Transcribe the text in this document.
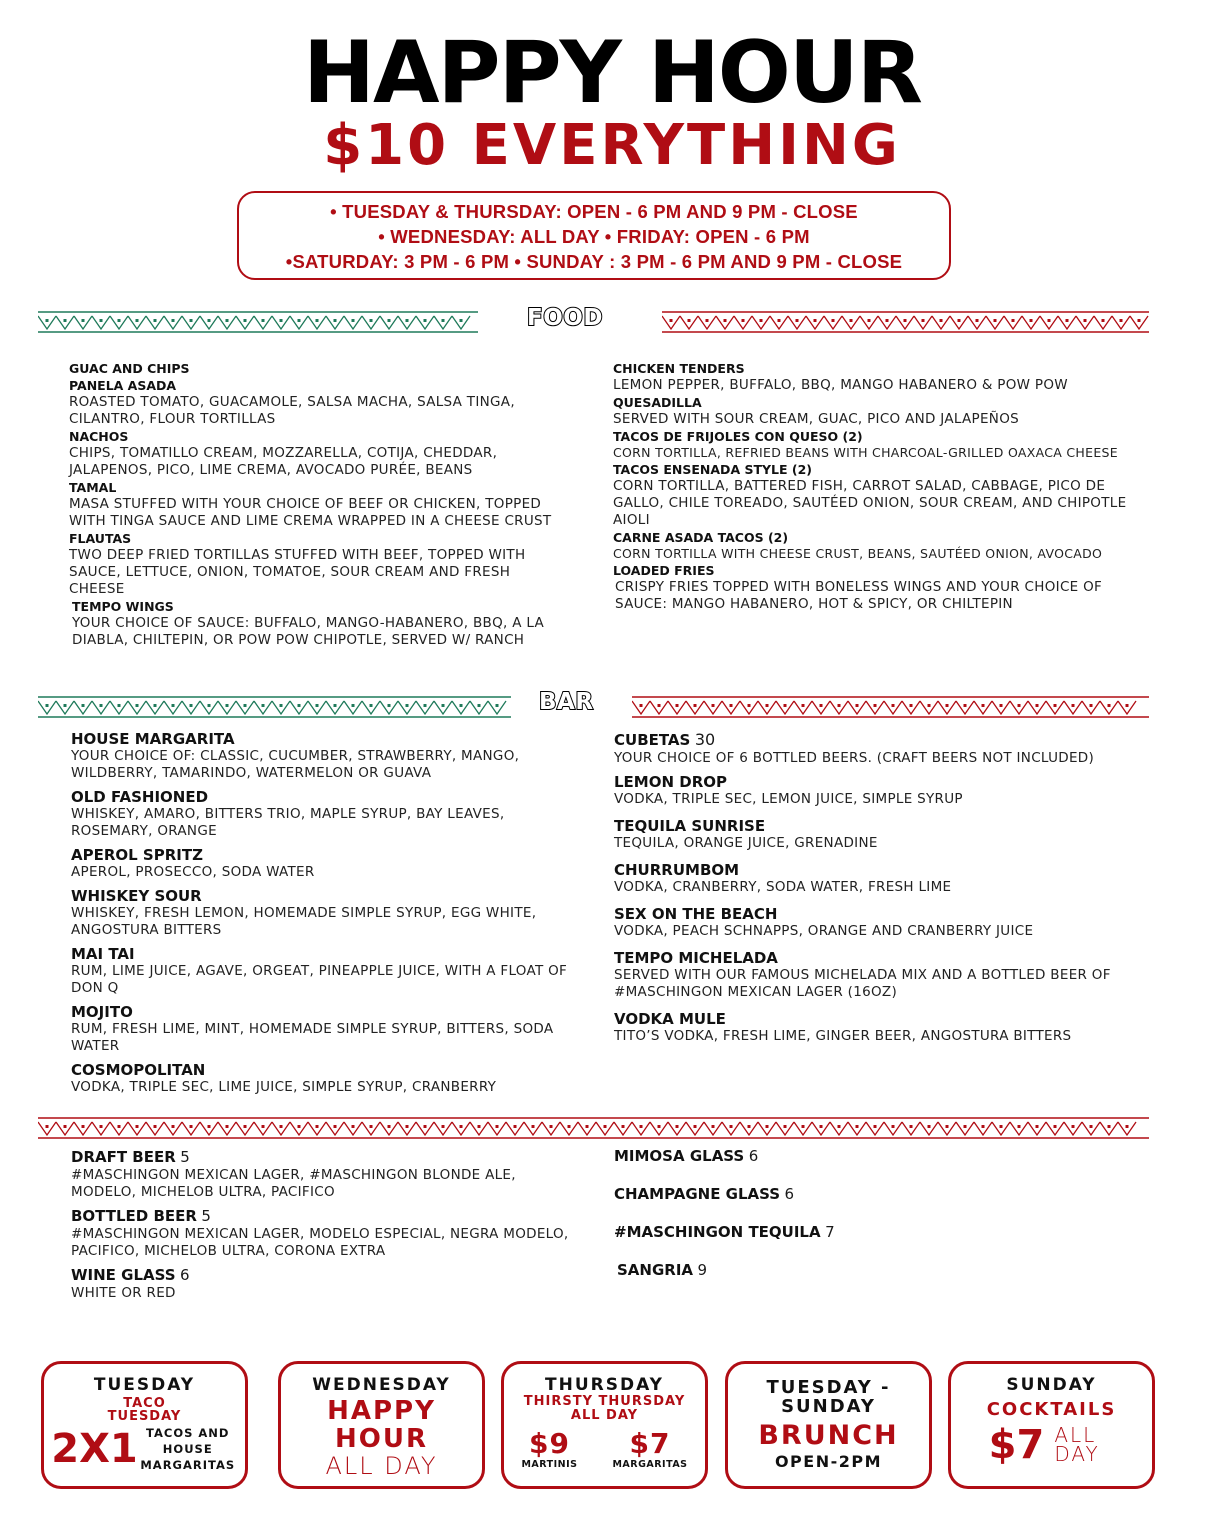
HAPPY HOUR
$10 EVERYTHING
• TUESDAY & THURSDAY: OPEN - 6 PM AND 9 PM - CLOSE
• WEDNESDAY: ALL DAY • FRIDAY: OPEN - 6 PM
•SATURDAY: 3 PM - 6 PM • SUNDAY : 3 PM - 6 PM AND 9 PM - CLOSE
FOOD
GUAC AND CHIPS
PANELA ASADA
ROASTED TOMATO, GUACAMOLE, SALSA MACHA, SALSA TINGA, CILANTRO, FLOUR TORTILLAS
NACHOS
CHIPS, TOMATILLO CREAM, MOZZARELLA, COTIJA, CHEDDAR, JALAPENOS, PICO, LIME CREMA, AVOCADO PURÉE, BEANS
TAMAL
MASA STUFFED WITH YOUR CHOICE OF BEEF OR CHICKEN, TOPPED WITH TINGA SAUCE AND LIME CREMA WRAPPED IN A CHEESE CRUST
FLAUTAS
TWO DEEP FRIED TORTILLAS STUFFED WITH BEEF, TOPPED WITH SAUCE, LETTUCE, ONION, TOMATOE, SOUR CREAM AND FRESH CHEESE
TEMPO WINGS
YOUR CHOICE OF SAUCE: BUFFALO, MANGO-HABANERO, BBQ, A LA DIABLA, CHILTEPIN, OR POW POW CHIPOTLE, SERVED W/ RANCH
CHICKEN TENDERS
LEMON PEPPER, BUFFALO, BBQ, MANGO HABANERO & POW POW
QUESADILLA
SERVED WITH SOUR CREAM, GUAC, PICO AND JALAPEÑOS
TACOS DE FRIJOLES CON QUESO (2)
CORN TORTILLA, REFRIED BEANS WITH CHARCOAL-GRILLED OAXACA CHEESE
TACOS ENSENADA STYLE (2)
CORN TORTILLA, BATTERED FISH, CARROT SALAD, CABBAGE, PICO DE GALLO, CHILE TOREADO, SAUTÉED ONION, SOUR CREAM, AND CHIPOTLE AIOLI
CARNE ASADA TACOS (2)
CORN TORTILLA WITH CHEESE CRUST, BEANS, SAUTÉED ONION, AVOCADO
LOADED FRIES
CRISPY FRIES TOPPED WITH BONELESS WINGS AND YOUR CHOICE OF SAUCE: MANGO HABANERO, HOT & SPICY, OR CHILTEPIN
BAR
HOUSE MARGARITA
YOUR CHOICE OF: CLASSIC, CUCUMBER, STRAWBERRY, MANGO, WILDBERRY, TAMARINDO, WATERMELON OR GUAVA
OLD FASHIONED
WHISKEY, AMARO, BITTERS TRIO, MAPLE SYRUP, BAY LEAVES, ROSEMARY, ORANGE
APEROL SPRITZ
APEROL, PROSECCO, SODA WATER
WHISKEY SOUR
WHISKEY, FRESH LEMON, HOMEMADE SIMPLE SYRUP, EGG WHITE, ANGOSTURA BITTERS
MAI TAI
RUM, LIME JUICE, AGAVE, ORGEAT, PINEAPPLE JUICE, WITH A FLOAT OF DON Q
MOJITO
RUM, FRESH LIME, MINT, HOMEMADE SIMPLE SYRUP, BITTERS, SODA WATER
COSMOPOLITAN
VODKA, TRIPLE SEC, LIME JUICE, SIMPLE SYRUP, CRANBERRY
CUBETAS 30
YOUR CHOICE OF 6 BOTTLED BEERS. (CRAFT BEERS NOT INCLUDED)
LEMON DROP
VODKA, TRIPLE SEC, LEMON JUICE, SIMPLE SYRUP
TEQUILA SUNRISE
TEQUILA, ORANGE JUICE, GRENADINE
CHURRUMBOM
VODKA, CRANBERRY, SODA WATER, FRESH LIME
SEX ON THE BEACH
VODKA, PEACH SCHNAPPS, ORANGE AND CRANBERRY JUICE
TEMPO MICHELADA
SERVED WITH OUR FAMOUS MICHELADA MIX AND A BOTTLED BEER OF #MASCHINGON MEXICAN LAGER (16OZ)
VODKA MULE
TITO’S VODKA, FRESH LIME, GINGER BEER, ANGOSTURA BITTERS
DRAFT BEER 5
#MASCHINGON MEXICAN LAGER, #MASCHINGON BLONDE ALE, MODELO, MICHELOB ULTRA, PACIFICO
BOTTLED BEER 5
#MASCHINGON MEXICAN LAGER, MODELO ESPECIAL, NEGRA MODELO, PACIFICO, MICHELOB ULTRA, CORONA EXTRA
WINE GLASS 6
WHITE OR RED
MIMOSA GLASS 6
CHAMPAGNE GLASS 6
#MASCHINGON TEQUILA 7
SANGRIA 9
TUESDAY
TACO TUESDAY
2X1 TACOS AND HOUSE MARGARITAS
WEDNESDAY
HAPPY
HOUR
ALL DAY
THURSDAY
THIRSTY THURSDAY ALL DAY
$9
MARTINIS
$7
MARGARITAS
TUESDAY - SUNDAY
BRUNCH
OPEN-2PM
SUNDAY
COCKTAILS
$7 ALL DAY
